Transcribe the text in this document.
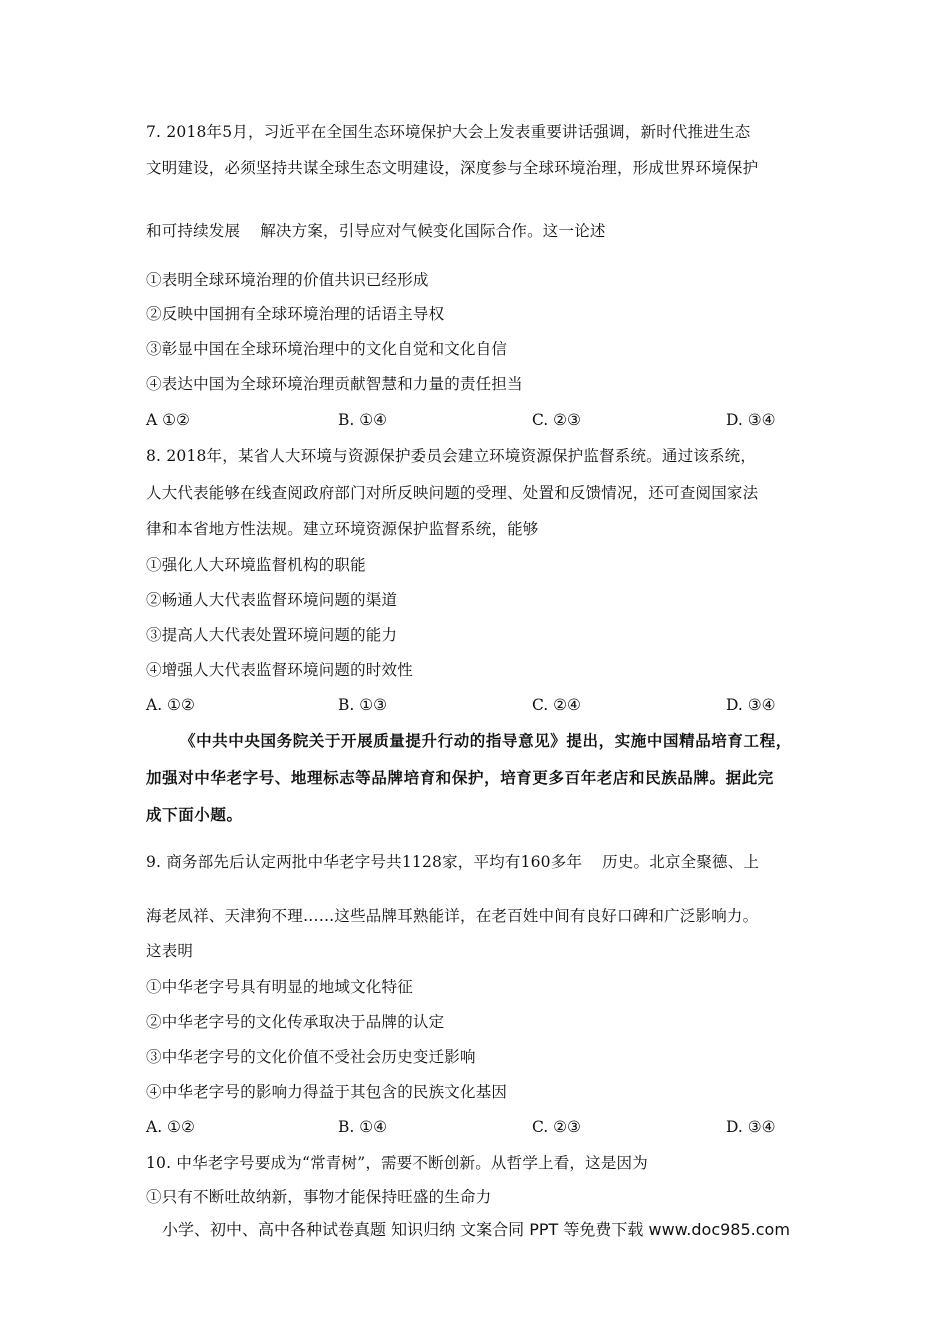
7. 2018年5月，习近平在全国生态环境保护大会上发表重要讲话强调，新时代推进生态
文明建设，必须坚持共谋全球生态文明建设，深度参与全球环境治理，形成世界环境保护
和可持续发展 解决方案，引导应对气候变化国际合作。这一论述
①表明全球环境治理的价值共识已经形成
②反映中国拥有全球环境治理的话语主导权
③彰显中国在全球环境治理中的文化自觉和文化自信
④表达中国为全球环境治理贡献智慧和力量的责任担当
A ①②	B. ①④	C. ②③	D. ③④
8. 2018年，某省人大环境与资源保护委员会建立环境资源保护监督系统。通过该系统，
人大代表能够在线查阅政府部门对所反映问题的受理、处置和反馈情况，还可查阅国家法
律和本省地方性法规。建立环境资源保护监督系统，能够
①强化人大环境监督机构的职能
②畅通人大代表监督环境问题的渠道
③提高人大代表处置环境问题的能力
④增强人大代表监督环境问题的时效性
A. ①②	B. ①③	C. ②④	D. ③④
《中共中央国务院关于开展质量提升行动的指导意见》提出，实施中国精品培育工程，
加强对中华老字号、地理标志等品牌培育和保护，培育更多百年老店和民族品牌。据此完
成下面小题。
9. 商务部先后认定两批中华老字号共1128家，平均有160多年 历史。北京全聚德、上
海老凤祥、天津狗不理……这些品牌耳熟能详，在老百姓中间有良好口碑和广泛影响力。
这表明
①中华老字号具有明显的地域文化特征
②中华老字号的文化传承取决于品牌的认定
③中华老字号的文化价值不受社会历史变迁影响
④中华老字号的影响力得益于其包含的民族文化基因
A. ①②	B. ①④	C. ②③	D. ③④
10. 中华老字号要成为“常青树”，需要不断创新。从哲学上看，这是因为
①只有不断吐故纳新，事物才能保持旺盛的生命力
小学、初中、高中各种试卷真题 知识归纳 文案合同 PPT 等免费下载 www.doc985.com
